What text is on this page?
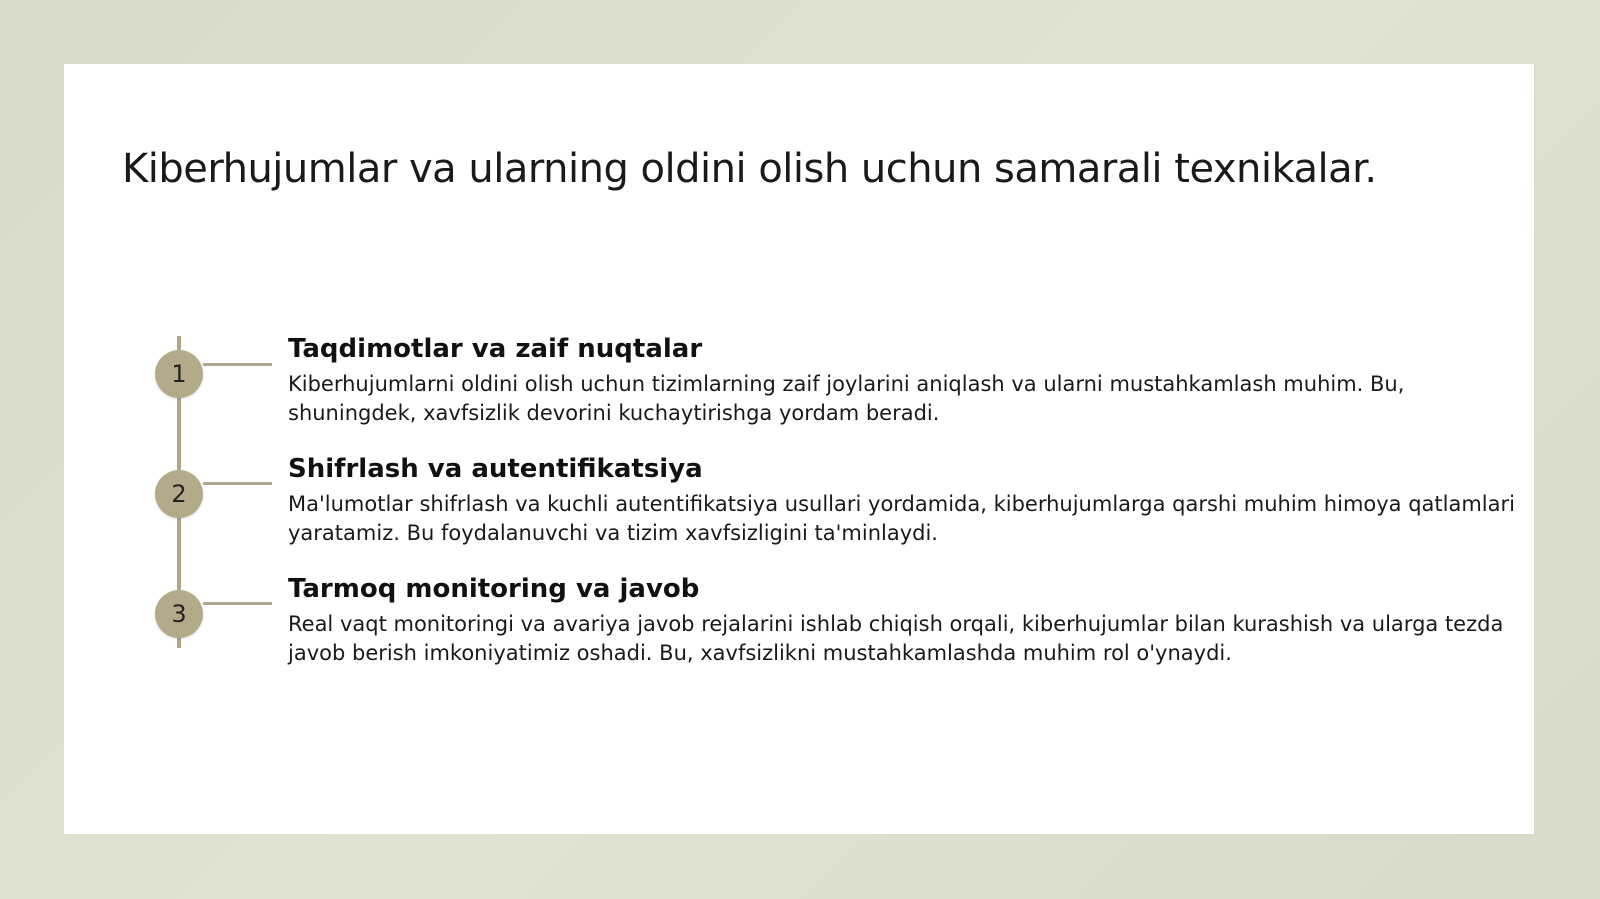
Kiberhujumlar va ularning oldini olish uchun samarali texnikalar.
1
Taqdimotlar va zaif nuqtalar

Kiberhujumlarni oldini olish uchun tizimlarning zaif joylarini aniqlash va ularni mustahkamlash muhim. Bu, shuningdek, xavfsizlik devorini kuchaytirishga yordam beradi.

2
Shifrlash va autentifikatsiya

Ma'lumotlar shifrlash va kuchli autentifikatsiya usullari yordamida, kiberhujumlarga qarshi muhim himoya qatlamlari yaratamiz. Bu foydalanuvchi va tizim xavfsizligini ta'minlaydi.

3
Tarmoq monitoring va javob

Real vaqt monitoringi va avariya javob rejalarini ishlab chiqish orqali, kiberhujumlar bilan kurashish va ularga tezda javob berish imkoniyatimiz oshadi. Bu, xavfsizlikni mustahkamlashda muhim rol o'ynaydi.
